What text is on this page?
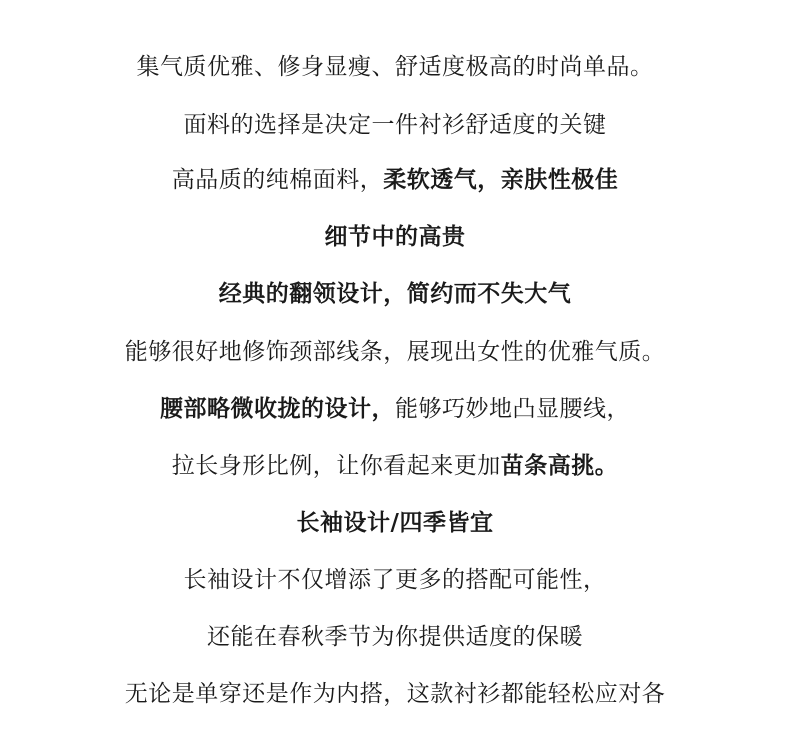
集气质优雅、修身显瘦、舒适度极高的时尚单品。
面料的选择是决定一件衬衫舒适度的关键
高品质的纯棉面料，柔软透气，亲肤性极佳
细节中的高贵
经典的翻领设计，简约而不失大气
能够很好地修饰颈部线条，展现出女性的优雅气质。
腰部略微收拢的设计，能够巧妙地凸显腰线，
拉长身形比例，让你看起来更加苗条高挑。
长袖设计/四季皆宜
长袖设计不仅增添了更多的搭配可能性，
还能在春秋季节为你提供适度的保暖
无论是单穿还是作为内搭，这款衬衫都能轻松应对各
